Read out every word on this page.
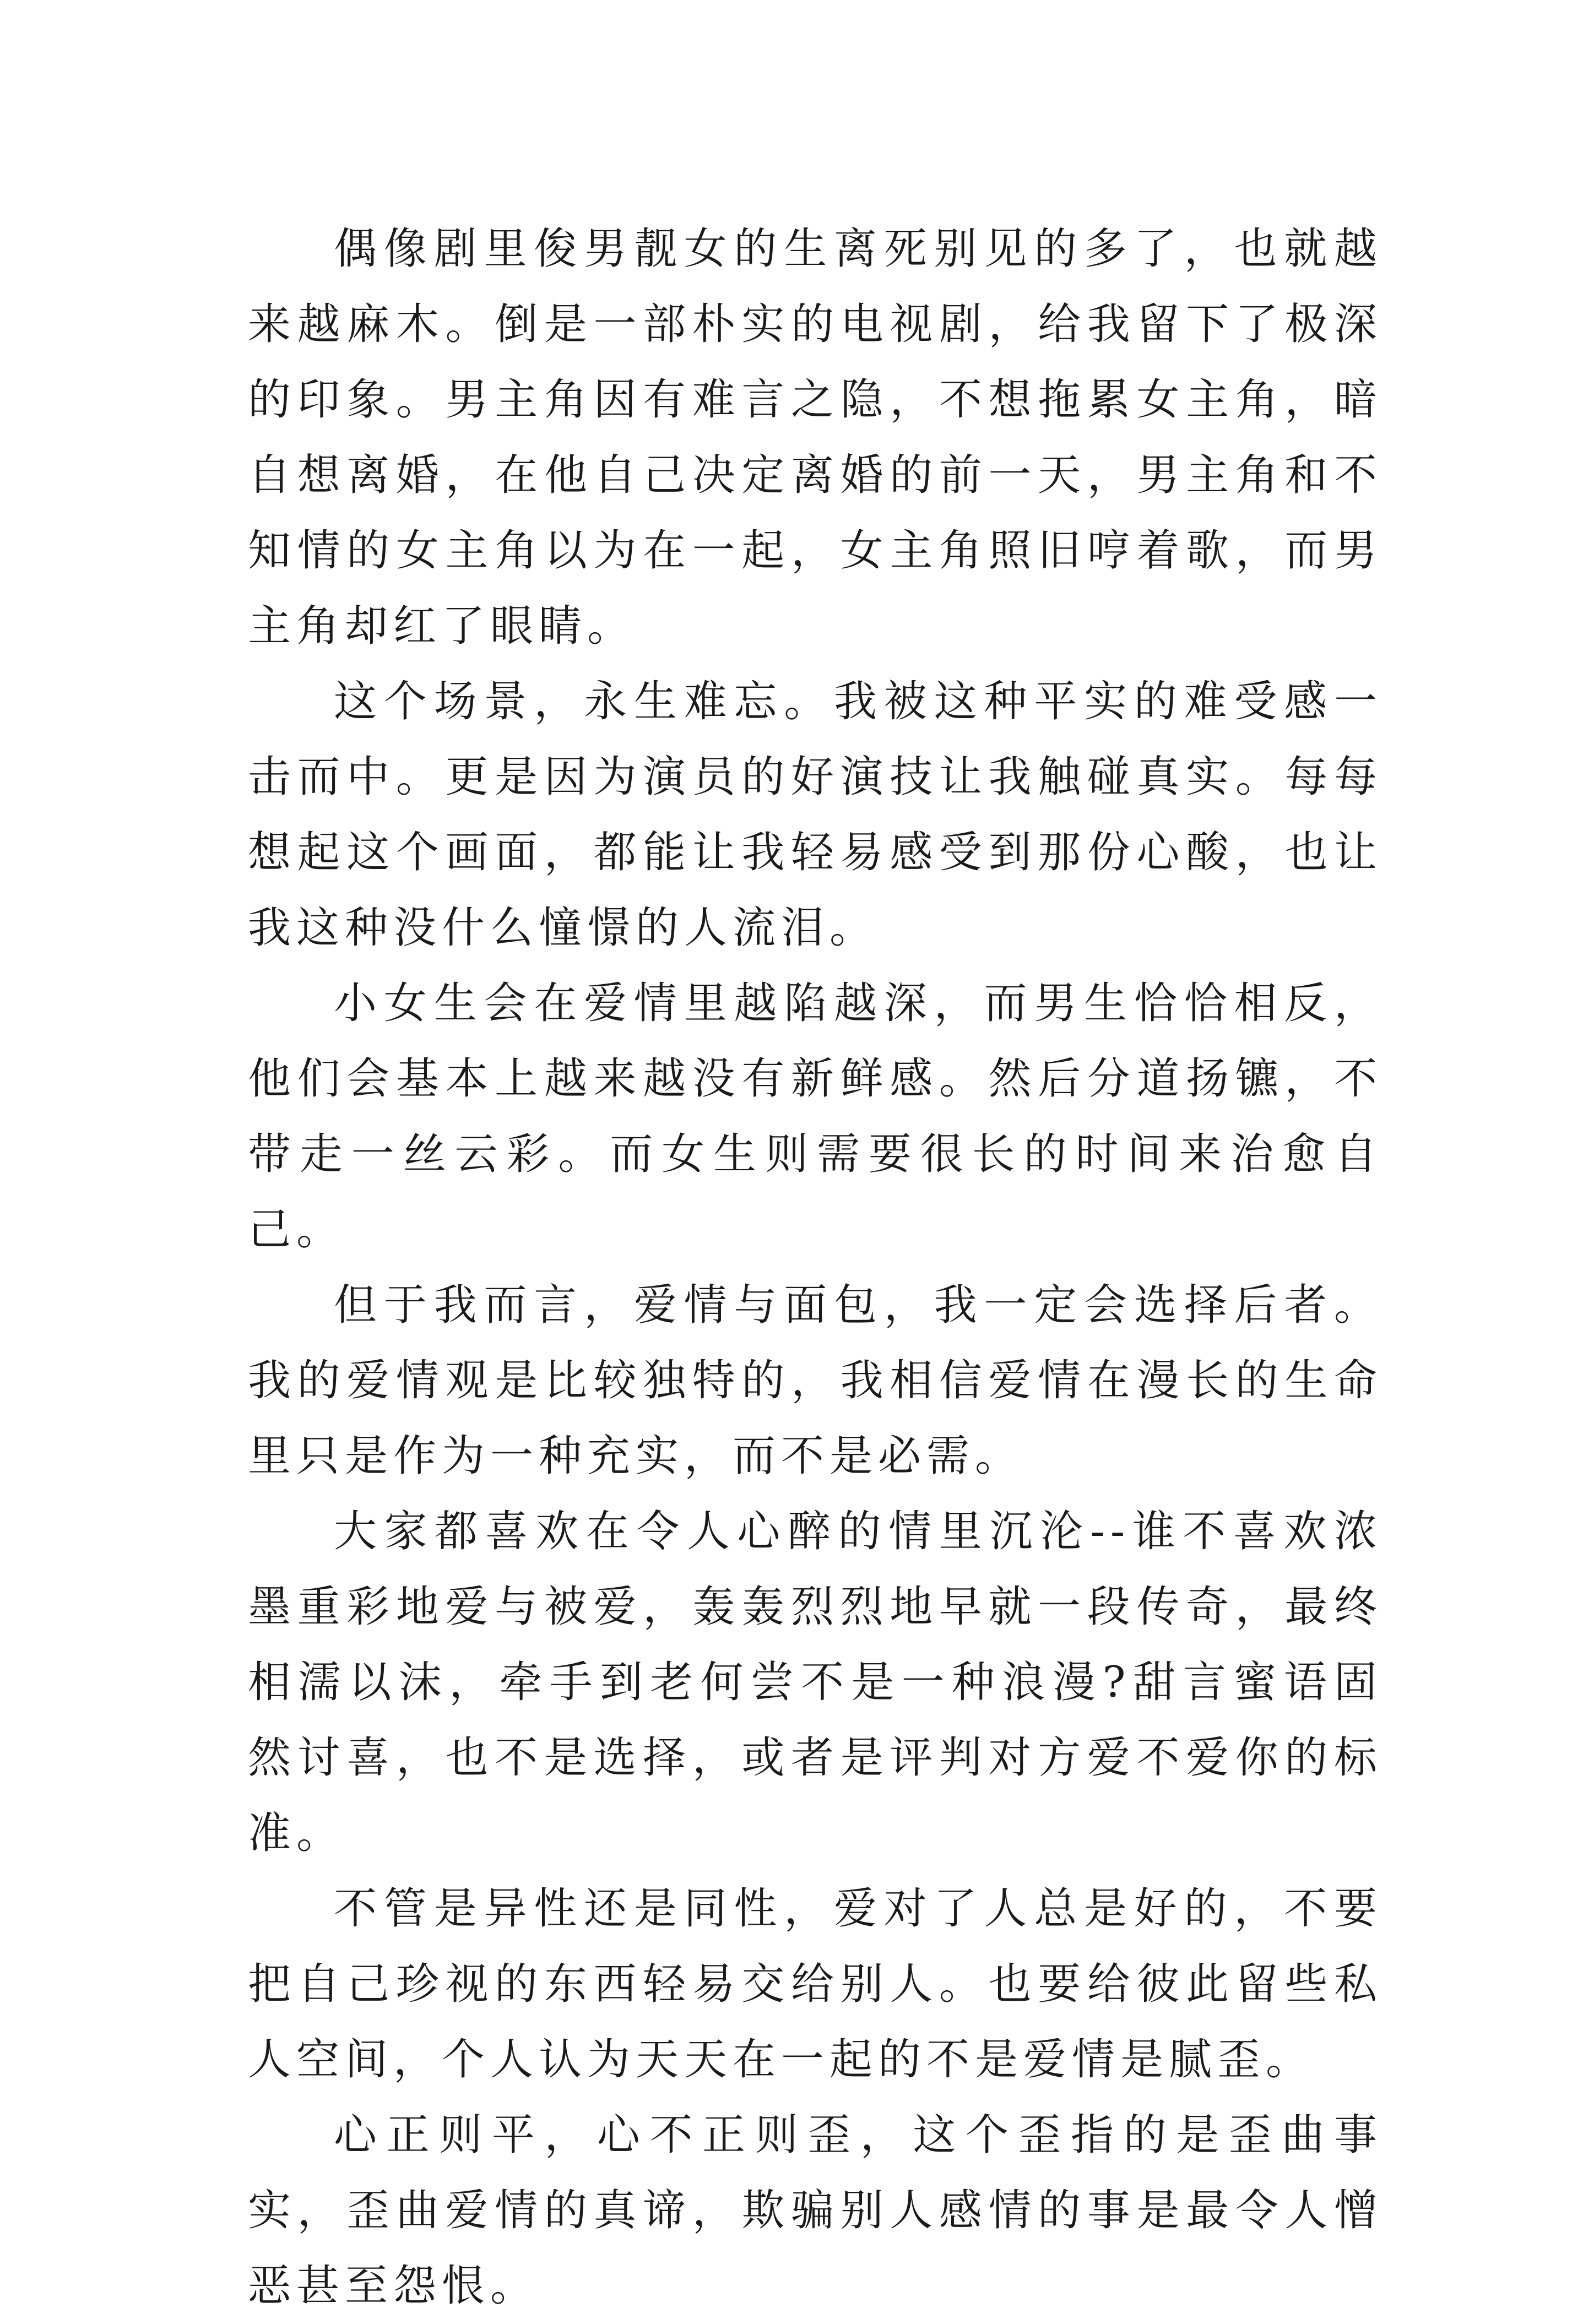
偶像剧里俊男靓女的生离死别见的多了，也就越来越麻木。倒是一部朴实的电视剧，给我留下了极深的印象。男主角因有难言之隐，不想拖累女主角，暗自想离婚，在他自己决定离婚的前一天，男主角和不知情的女主角以为在一起，女主角照旧哼着歌，而男主角却红了眼睛。

这个场景，永生难忘。我被这种平实的难受感一击而中。更是因为演员的好演技让我触碰真实。每每想起这个画面，都能让我轻易感受到那份心酸，也让我这种没什么憧憬的人流泪。

小女生会在爱情里越陷越深，而男生恰恰相反，他们会基本上越来越没有新鲜感。然后分道扬镳，不带走一丝云彩。而女生则需要很长的时间来治愈自己。

但于我而言，爱情与面包，我一定会选择后者。我的爱情观是比较独特的，我相信爱情在漫长的生命里只是作为一种充实，而不是必需。

大家都喜欢在令人心醉的情里沉沦--谁不喜欢浓墨重彩地爱与被爱，轰轰烈烈地早就一段传奇，最终相濡以沫，牵手到老何尝不是一种浪漫?甜言蜜语固然讨喜，也不是选择，或者是评判对方爱不爱你的标准。

不管是异性还是同性，爱对了人总是好的，不要把自己珍视的东西轻易交给别人。也要给彼此留些私人空间，个人认为天天在一起的不是爱情是腻歪。

心正则平，心不正则歪，这个歪指的是歪曲事实，歪曲爱情的真谛，欺骗别人感情的事是最令人憎恶甚至怨恨。
